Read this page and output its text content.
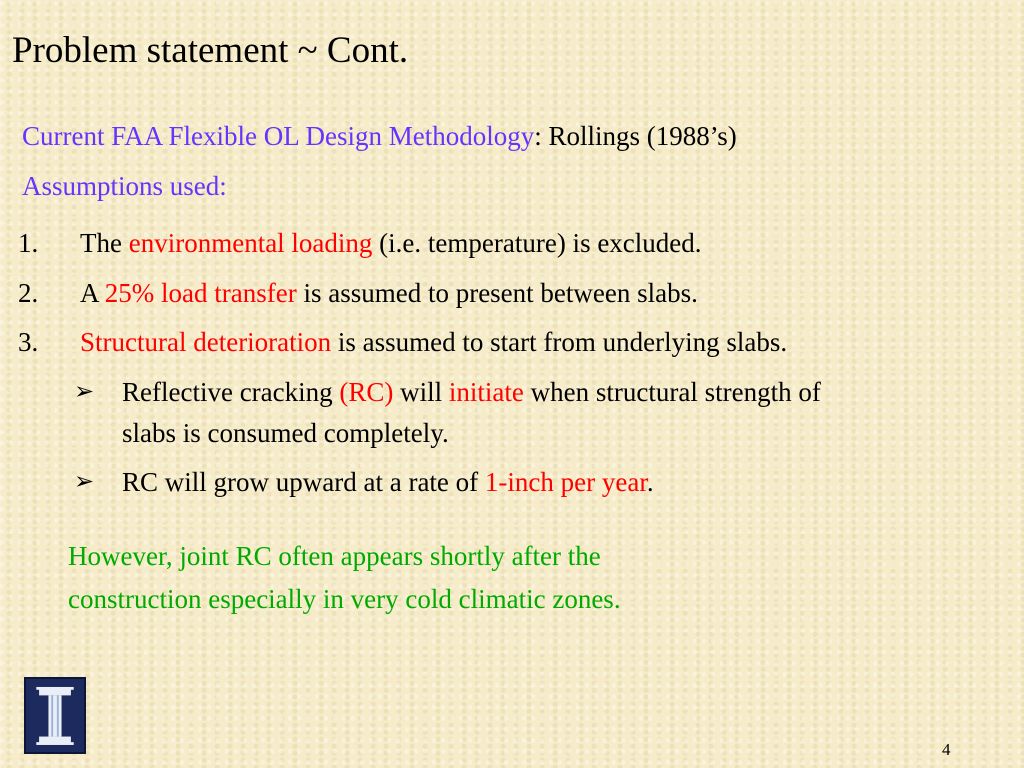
Problem statement ~ Cont.
Current FAA Flexible OL Design Methodology: Rollings (1988’s)
Assumptions used:
1. The environmental loading (i.e. temperature) is excluded.
2. A 25% load transfer is assumed to present between slabs.
3. Structural deterioration is assumed to start from underlying slabs.
➢ Reflective cracking (RC) will initiate when structural strength of
slabs is consumed completely.
➢ RC will grow upward at a rate of 1-inch per year.
However, joint RC often appears shortly after the
construction especially in very cold climatic zones.
4
